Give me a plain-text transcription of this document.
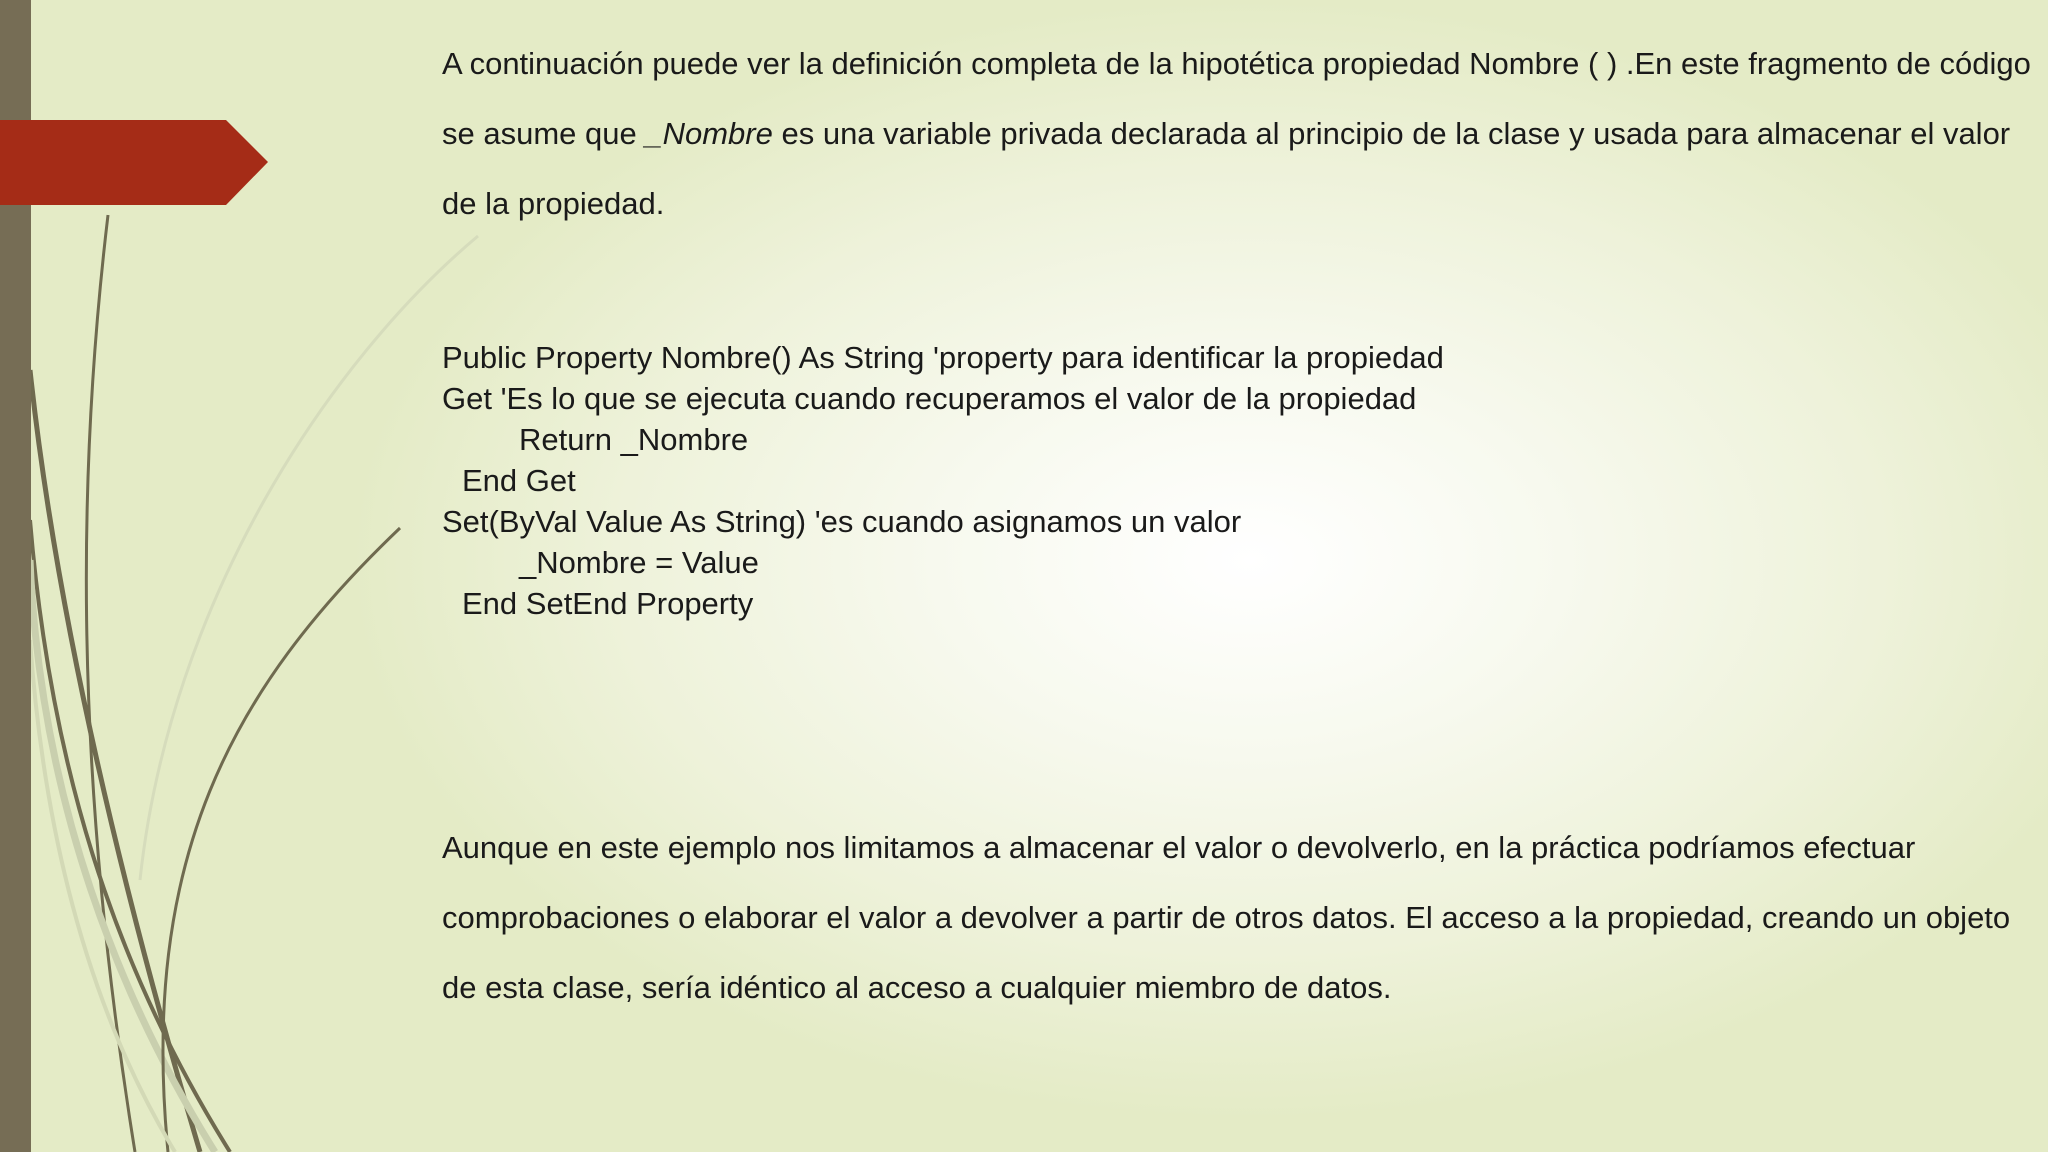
A continuación puede ver la definición completa de la hipotética propiedad Nombre ( ) .En este fragmento de código se asume que _Nombre es una variable privada declarada al principio de la clase y usada para almacenar el valor de la propiedad.
Public Property Nombre() As String 'property para identificar la propiedad
Get 'Es lo que se ejecuta cuando recuperamos el valor de la propiedad
Return _Nombre
End Get
Set(ByVal Value As String) 'es cuando asignamos un valor
_Nombre = Value
End SetEnd Property
Aunque en este ejemplo nos limitamos a almacenar el valor o devolverlo, en la práctica podríamos efectuar comprobaciones o elaborar el valor a devolver a partir de otros datos. El acceso a la propiedad, creando un objeto de esta clase, sería idéntico al acceso a cualquier miembro de datos.
